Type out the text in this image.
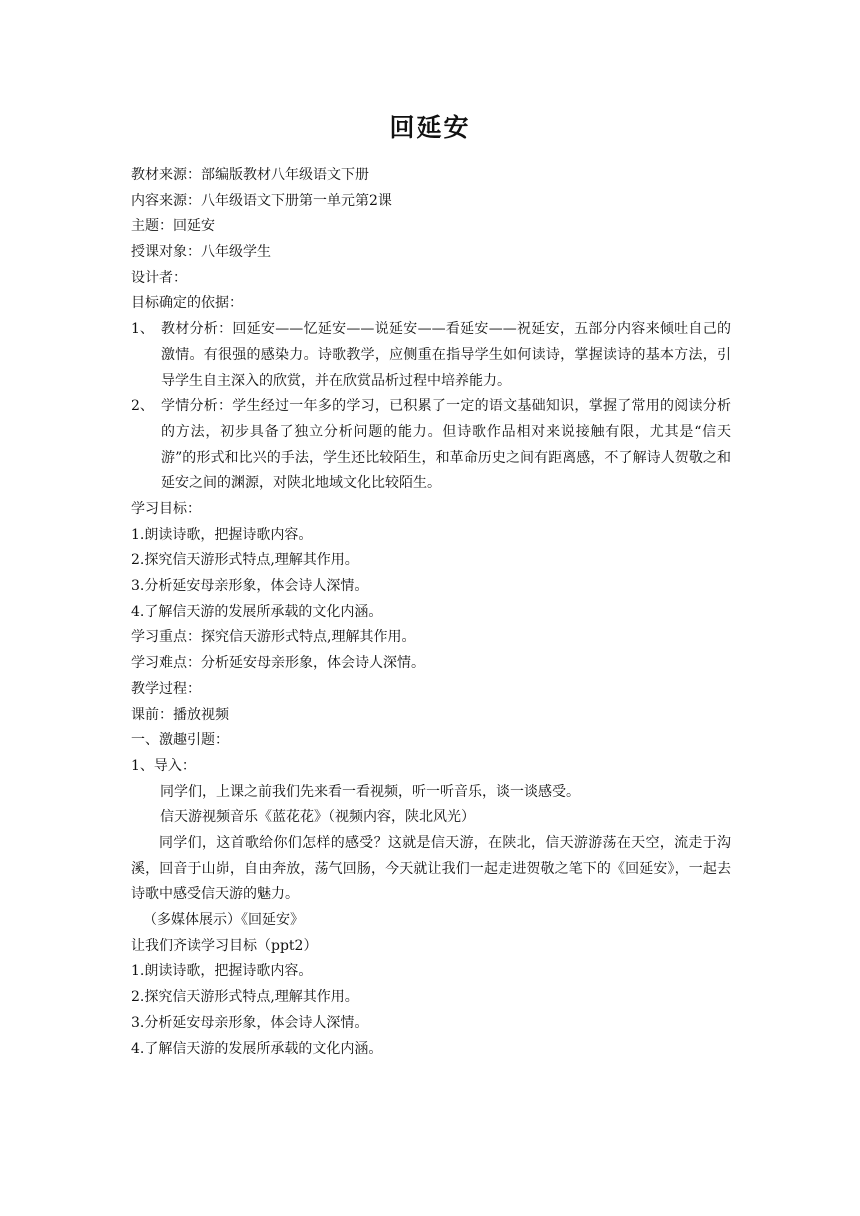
回延安
教材来源：部编版教材八年级语文下册
内容来源：八年级语文下册第一单元第2课
主题：回延安
授课对象：八年级学生
设计者：
目标确定的依据：
1、 教材分析：回延安——忆延安——说延安——看延安——祝延安，五部分内容来倾吐自己的激情。有很强的感染力。诗歌教学，应侧重在指导学生如何读诗，掌握读诗的基本方法，引导学生自主深入的欣赏，并在欣赏品析过程中培养能力。
2、 学情分析：学生经过一年多的学习，已积累了一定的语文基础知识，掌握了常用的阅读分析的方法，初步具备了独立分析问题的能力。但诗歌作品相对来说接触有限，尤其是“信天游”的形式和比兴的手法，学生还比较陌生，和革命历史之间有距离感，不了解诗人贺敬之和延安之间的渊源，对陕北地域文化比较陌生。
学习目标：
1.朗读诗歌，把握诗歌内容。
2.探究信天游形式特点,理解其作用。
3.分析延安母亲形象，体会诗人深情。
4.了解信天游的发展所承载的文化内涵。
学习重点：探究信天游形式特点,理解其作用。
学习难点：分析延安母亲形象，体会诗人深情。
教学过程：
课前：播放视频
一、激趣引题：
1、导入：
同学们，上课之前我们先来看一看视频，听一听音乐，谈一谈感受。
信天游视频音乐《蓝花花》（视频内容，陕北风光）
同学们，这首歌给你们怎样的感受？这就是信天游，在陕北，信天游游荡在天空，流走于沟溪，回音于山峁，自由奔放，荡气回肠，今天就让我们一起走进贺敬之笔下的《回延安》，一起去诗歌中感受信天游的魅力。
（多媒体展示）《回延安》
让我们齐读学习目标（ppt2）
1.朗读诗歌，把握诗歌内容。
2.探究信天游形式特点,理解其作用。
3.分析延安母亲形象，体会诗人深情。
4.了解信天游的发展所承载的文化内涵。
